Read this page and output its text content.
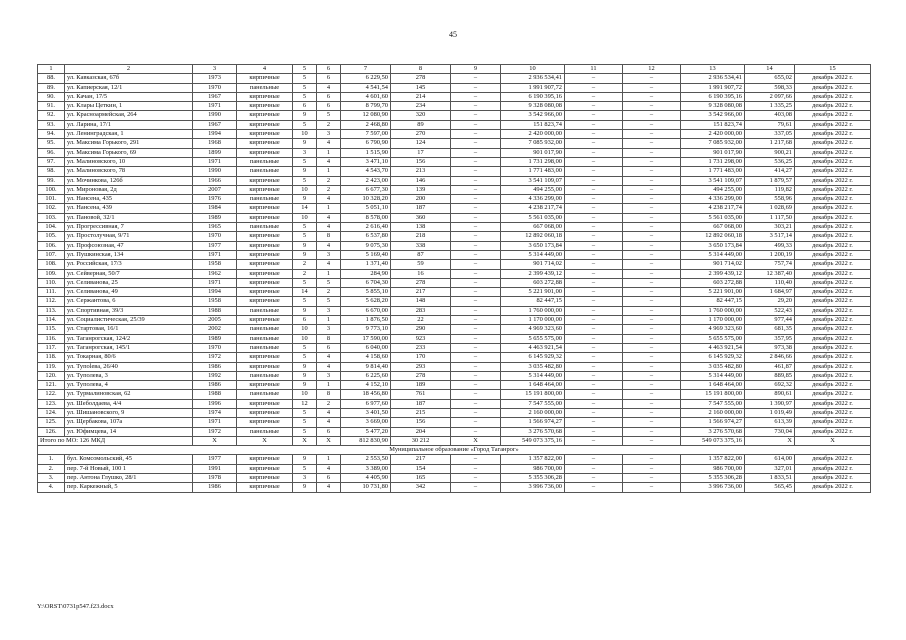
45
1	2	3	4	5	6	7	8	9	10	11	12	13	14	15
88.	ул. Кавказская, 67б	1973	кирпичные	5	6	6 229,50	278	–	2 936 534,41	–	–	2 936 534,41	655,02	декабрь 2022 г.
89.	ул. Капиерская, 12/1	1970	панельные	5	4	4 541,54	145	–	1 991 907,72	–	–	1 991 907,72	598,33	декабрь 2022 г.
90.	ул. Качан, 17/5	1967	кирпичные	5	6	4 601,60	214	–	6 190 395,16	–	–	6 190 395,16	2 097,66	декабрь 2022 г.
91.	ул. Клары Цеткин, 1	1971	кирпичные	6	6	8 799,70	234	–	9 328 080,08	–	–	9 328 080,08	1 335,25	декабрь 2022 г.
92.	ул. Красноармейская, 264	1990	кирпичные	9	5	12 080,90	320	–	3 542 966,00	–	–	3 542 966,00	403,08	декабрь 2022 г.
93.	ул. Ларина, 17/1	1967	кирпичные	5	2	2 468,80	89	–	151 823,74	–	–	151 823,74	79,61	декабрь 2022 г.
94.	ул. Ленинградская, 1	1994	кирпичные	10	3	7 597,00	270	–	2 420 000,00	–	–	2 420 000,00	337,05	декабрь 2022 г.
95.	ул. Максима Горького, 291	1968	кирпичные	9	4	6 790,90	124	–	7 085 932,00	–	–	7 085 932,00	1 217,68	декабрь 2022 г.
96.	ул. Максима Горького, 69	1899	кирпичные	3	1	1 515,90	17	–	901 017,90	–	–	901 017,90	900,21	декабрь 2022 г.
97.	ул. Малиновского, 10	1971	панельные	5	4	3 471,10	156	–	1 731 298,00	–	–	1 731 298,00	536,25	декабрь 2022 г.
98.	ул. Малиновского, 78	1990	панельные	9	1	4 543,70	213	–	1 771 483,00	–	–	1 771 483,00	414,27	декабрь 2022 г.
99.	ул. Мочинкова, 126б	1966	кирпичные	5	2	2 423,00	146	–	3 541 109,07	–	–	3 541 109,07	1 879,57	декабрь 2022 г.
100.	ул. Мироновая, 2д	2007	кирпичные	10	2	6 677,30	139	–	494 255,00	–	–	494 255,00	119,82	декабрь 2022 г.
101.	ул. Нансена, 435	1976	панельные	9	4	10 328,20	200	–	4 336 299,00	–	–	4 336 299,00	558,96	декабрь 2022 г.
102.	ул. Нансена, 439	1984	кирпичные	14	1	5 051,10	187	–	4 238 217,74	–	–	4 238 217,74	1 028,69	декабрь 2022 г.
103.	ул. Пановой, 32/1	1989	кирпичные	10	4	8 578,00	360	–	5 561 035,00	–	–	5 561 035,00	1 117,50	декабрь 2022 г.
104.	ул. Прогрессивная, 7	1965	панельные	5	4	2 616,40	138	–	667 068,00	–	–	667 068,00	303,21	декабрь 2022 г.
105.	ул. Простолучная, 9/71	1970	кирпичные	5	8	6 537,80	218	–	12 892 060,18	–	–	12 892 060,18	3 517,14	декабрь 2022 г.
106.	ул. Профсоюзная, 47	1977	кирпичные	9	4	9 075,30	338	–	3 650 173,84	–	–	3 650 173,84	499,33	декабрь 2022 г.
107.	ул. Пушкинская, 134	1971	кирпичные	9	3	5 169,40	87	–	5 314 449,00	–	–	5 314 449,00	1 200,19	декабрь 2022 г.
108.	ул. Российская, 17/3	1958	кирпичные	2	4	1 371,40	59	–	901 714,02	–	–	901 714,02	757,74	декабрь 2022 г.
109.	ул. Сейверная, 50/7	1962	кирпичные	2	1	284,90	16	–	2 399 439,12	–	–	2 399 439,12	12 387,40	декабрь 2022 г.
110.	ул. Селиванова, 25	1971	кирпичные	5	5	6 704,30	278	–	603 272,88	–	–	603 272,88	110,40	декабрь 2022 г.
111.	ул. Селиванова, 49	1994	кирпичные	14	2	5 855,10	217	–	5 221 901,00	–	–	5 221 901,00	1 684,97	декабрь 2022 г.
112.	ул. Сержантова, 6	1958	кирпичные	5	5	5 628,20	148	–	82 447,15	–	–	82 447,15	29,20	декабрь 2022 г.
113.	ул. Спортивная, 39/3	1988	панельные	9	3	6 670,00	283	–	1 760 000,00	–	–	1 760 000,00	522,43	декабрь 2022 г.
114.	ул. Социалистическая, 25/39	2005	кирпичные	6	1	1 876,50	22	–	1 170 000,00	–	–	1 170 000,00	977,44	декабрь 2022 г.
115.	ул. Стартовая, 16/1	2002	панельные	10	3	9 773,10	290	–	4 969 323,60	–	–	4 969 323,60	681,35	декабрь 2022 г.
116.	ул. Таганрогская, 124/2	1989	панельные	10	8	17 590,00	923	–	5 655 575,00	–	–	5 655 575,00	357,95	декабрь 2022 г.
117.	ул. Таганрогская, 145/1	1970	панельные	5	6	6 040,00	233	–	4 463 921,54	–	–	4 463 921,54	973,38	декабрь 2022 г.
118.	ул. Токарная, 80/6	1972	кирпичные	5	4	4 158,60	170	–	6 145 929,32	–	–	6 145 929,32	2 846,66	декабрь 2022 г.
119.	ул. Тупolева, 26/40	1986	кирпичные	9	4	9 814,40	293	–	3 035 482,80	–	–	3 035 482,80	461,87	декабрь 2022 г.
120.	ул. Туполева, 3	1992	панельные	9	3	6 225,60	278	–	5 314 449,00	–	–	5 314 449,00	889,85	декабрь 2022 г.
121.	ул. Туполева, 4	1986	кирпичные	9	1	4 152,10	189	–	1 648 464,00	–	–	1 648 464,00	692,32	декабрь 2022 г.
122.	ул. Турмалиновская, 62	1988	панельные	10	8	18 456,80	761	–	15 191 800,00	–	–	15 191 800,00	890,61	декабрь 2022 г.
123.	ул. Шеболдаева, 4/4	1996	кирпичные	12	2	6 977,60	187	–	7 547 555,00	–	–	7 547 555,00	1 390,97	декабрь 2022 г.
124.	ул. Шишановского, 9	1974	кирпичные	5	4	3 401,50	215	–	2 160 000,00	–	–	2 160 000,00	1 019,49	декабрь 2022 г.
125.	ул. Щербакова, 107а	1971	кирпичные	5	4	3 669,00	156	–	1 566 974,27	–	–	1 566 974,27	613,39	декабрь 2022 г.
126.	ул. Юфимцева, 14	1972	панельные	5	6	5 477,20	204	–	3 276 570,68	–	–	3 276 570,68	730,04	декабрь 2022 г.
Итого по МО: 126 МКД		X	X	X	X	812 830,90	30 212	X	549 073 375,16	–	–	549 073 375,16	X	X
Муниципальное образование «Город Таганрог»														
1.	бул. Комсомольский, 45	1977	кирпичные	9	1	2 553,50	217	–	1 357 822,00	–	–	1 357 822,00	614,00	декабрь 2022 г.
2.	пер. 7-й Новый, 100 1	1991	кирпичные	5	4	3 389,00	154	–	986 700,00	–	–	986 700,00	327,01	декабрь 2022 г.
3.	пер. Антона Глушко, 28/1	1978	кирпичные	3	6	4 405,90	165	–	5 355 306,28	–	–	5 355 306,28	1 833,51	декабрь 2022 г.
4.	пер. Каркежный, 5	1986	кирпичные	9	4	10 731,80	342	–	3 996 736,00	–	–	3 996 736,00	565,45	декабрь 2022 г.
Y:\ORST\0731p547.f23.docx
